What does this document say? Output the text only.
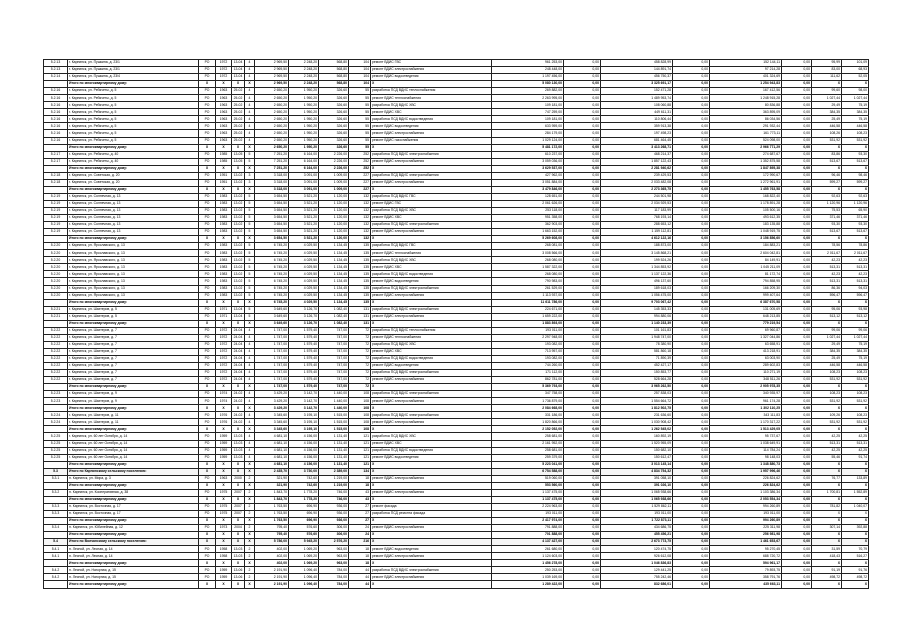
5.2.13	г. Карпинск, ул. Пушкина, д. 23/1	РО	1972	13-04	4	2 969,50	2 248,20	568,80	104	ремонт ВДИС ГВС	961 253,00	0,00	458 828,99	0,00	152 144,11	0,00	95,99	101,09	
5.2.13	г. Карпинск, ул. Пушкина, д. 23/1	РО	1972	13-04	4	2 969,50	2 248,20	568,80	104	ремонт ВДИС электроснабжения	248 448,00	0,00	144 891,74	0,00	97 214,28	0,00	83,00	68,93	
5.2.14	г. Карпинск, ул. Пушкина, д. 23/4	РО	1972	13-04	4	2 969,50	2 248,20	568,80	104	ремонт ВДИС водоотведения	1 197 456,00	0,00	456 750,37	0,00	401 324,69	0,00	111,62	52,05	
	Итого по многоквартирному дому:	X	X	X	X	2 969,50	2 248,20	568,80	104	X	5 080 130,00	0,00	3 325 691,17	0,00	1 254 943,83	0,00	X	X	
5.2.16	г. Карпинск, ул. Ребячеты, д. 5	РО	1963	25-02	4	2 650,20	1 950,20	326,60	55	разработка ПСД ВДИС теплоснабжения	269 882,00	0,00	152 471,28	0,00	167 412,56	0,00	99,60	98,00	
5.2.16	г. Карпинск, ул. Ребячеты, д. 5	РО	1963	25-02	4	2 650,20	1 950,20	326,60	55	ремонт ВДИС теплоснабжения	2 263 995,00	0,00	1 489 953,74	0,00	1 248 915,28	0,00	1 027,44	1 027,44	
5.2.16	г. Карпинск, ул. Ребячеты, д. 5	РО	1963	25-02	4	2 650,20	1 950,20	326,60	55	разработка ПСД ВДИС ХВС	109 181,00	0,00	108 060,88	0,00	80 836,88	0,00	29,49	75,19	
5.2.16	г. Карпинск, ул. Ребячеты, д. 5	РО	1963	25-02	4	2 650,20	1 950,20	326,60	55	ремонт ВДИС ХВС	747 259,00	0,00	449 611,31	0,00	363 895,09	0,00	384,35	384,35	
5.2.16	г. Карпинск, ул. Ребячеты, д. 5	РО	1963	25-02	4	2 650,20	1 950,20	326,60	55	разработка ПСД ВДИС водоотведения	109 181,00	0,00	110 806,44	0,00	86 034,56	0,00	25,49	75,19	
5.2.16	г. Карпинск, ул. Ребячеты, д. 5	РО	1963	25-02	4	2 650,20	1 950,20	326,60	55	ремонт ВДИС водоотведения	633 959,00	0,00	359 913,38	0,00	291 932,44	0,00	446,58	446,58	
5.2.16	г. Карпинск, ул. Ребячеты, д. 5	РО	1963	25-02	4	2 650,20	1 950,20	326,60	55	ремонт ВДИС электроснабжения	284 179,00	0,00	197 498,23	0,00	161 773,11	0,00	108,26	108,23	
5.2.16	г. Карпинск, ул. Ребячеты, д. 5	РО	1963	25-02	4	2 650,20	1 950,20	326,60	55	ремонт ВДИС газоснабжения	1 029 124,00	0,00	681 464,45	0,00	524 098,00	0,00	531,92	531,92	
	Итого по многоквартирному дому:	X	X	X	X	2 650,20	1 950,20	326,60	55	X	5 481 172,00	0,00	3 413 268,71	0,00	2 966 771,29	0,00	X	X	
5.2.17	г. Карпинск, ул. Ребячеты, д. 40	РО	1985	13-05	5	7 251,20	6 164,00	2 226,00	252	разработка ПСД ВДИС электроснабжения	610 237,00	0,00	468 214,37	0,00	274 687,67	0,00	83,86	93,30	
5.2.17	г. Карпинск, ул. Ребячеты, д. 40	РО	1985	13-05	5	7 251,20	6 164,00	2 226,00	252	ремонт ВДИС электроснабжения	3 059 036,00	0,00	1 857 122,43	0,00	1 352 875,58	0,00	513,67	513,67	
	Итого по многоквартирному дому:	X	X	X	X	7 251,20	6 164,00	2 226,00	252	X	3 629 537,00	0,00	2 281 940,62	0,00	1 847 895,38	0,00	X	X	
5.2.18	г. Карпинск, ул. Советская, д. 20	РО	1951	13-02	3	3 318,00	3 091,00	1 009,00	227	разработка ПСД ВДИС электроснабжения	427 962,00	0,00	239 429,53	0,00	172 990,67	0,00	96,46	98,46	
5.2.18	г. Карпинск, ул. Советская, д. 20	РО	1951	13-02	3	3 318,00	3 091,00	1 009,00	227	ремонт ВДИС электроснабжения	3 051 884,00	0,00	2 033 482,08	0,00	1 272 961,91	0,00	599,27	599,27	
	Итого по многоквартирному дому:	X	X	X	X	3 318,00	3 091,00	1 009,00	227	X	3 479 846,00	0,00	2 273 365,75	0,00	1 455 763,58	0,00	X	X	
5.2.19	г. Карпинск, ул. Солнечная, д. 13	РО	1983	13-02	5	3 654,50	3 521,20	1 120,00	132	разработка ПСД ВДИС ГВС	128 651,00	0,00	244 501,98	0,00	168 822,40	0,00	92,63	92,63	
5.2.19	г. Карпинск, ул. Солнечная, д. 13	РО	1983	13-02	5	3 654,50	3 521,20	1 120,00	132	ремонт ВДИС ГВС	2 061 626,00	0,00	2 034 929,53	0,00	1 178 891,28	0,00	1 120,96	1 120,96	
5.2.19	г. Карпинск, ул. Солнечная, д. 13	РО	1983	13-02	5	3 654,50	3 521,20	1 120,00	132	разработка ПСД ВДИС ХВС	253 118,00	0,00	117 183,99	0,00	105 500,16	0,00	75,53	65,90	
5.2.19	г. Карпинск, ул. Солнечная, д. 13	РО	1983	13-02	5	3 654,50	3 521,20	1 120,00	132	ремонт ВДИС ХВС	951 358,00	0,00	768 193,14	0,00	493 612,35	0,00	371,46	371,46	
5.2.19	г. Карпинск, ул. Солнечная, д. 13	РО	1983	13-02	5	3 654,50	3 521,20	1 120,00	132	разработка ПСД ВДИС электроснабжения	362 903,00	0,00	288 653,12	0,00	183 135,88	0,00	93,30	93,30	
5.2.19	г. Карпинск, ул. Солнечная, д. 13	РО	1983	13-02	5	3 654,50	3 521,20	1 120,00	132	ремонт ВДИС электроснабжения	1 663 152,00	0,00	1 159 112,81	0,00	1 048 919,75	0,00	513,67	513,67	
	Итого по многоквартирному дому:	X	X	X	X	3 654,50	3 521,20	1 120,00	132	X	5 269 608,00	0,00	4 612 122,16	0,00	3 156 856,60	0,00	X	X	
5.2.20	г. Карпинск, ул. Ярославского, д. 13	РО	1983	13-02	5	6 745,20	4 029,50	1 134,45	135	разработка ПСД ВДИС ГВС	268 081,00	0,00	188 873,00	0,00	184 883,21	0,00	78,56	78,86	
5.2.20	г. Карпинск, ул. Ярославского, д. 13	РО	1983	13-02	5	6 745,20	4 029,50	1 134,45	135	ремонт ВДИС теплоснабжения	3 008 566,00	0,00	3 145 868,21	0,00	2 604 042,81	0,00	2 011,67	2 011,67	
5.2.20	г. Карпинск, ул. Ярославского, д. 13	РО	1983	13-02	5	6 745,20	4 029,50	1 134,45	135	разработка ПСД ВДИС ХВС	268 080,00	0,00	199 524,26	0,00	84 149,91	0,00	42,23	42,23	
5.2.20	г. Карпинск, ул. Ярославского, д. 13	РО	1983	13-02	5	6 745,20	4 029,50	1 134,45	135	ремонт ВДИС ХВС	1 587 322,00	0,00	1 344 853,92	0,00	1 045 211,09	0,00	513,31	513,31	
5.2.20	г. Карпинск, ул. Ярославского, д. 13	РО	1983	13-02	5	6 745,20	4 029,50	1 134,45	135	разработка ПСД ВДИС водоотведения	268 080,00	0,00	1 137 122,36	0,00	81 172,74	0,00	42,23	42,23	
5.2.20	г. Карпинск, ул. Ярославского, д. 13	РО	1983	13-02	5	6 745,20	4 029,50	1 134,45	135	ремонт ВДИС водоотведения	790 983,00	0,00	496 137,60	0,00	794 858,95	0,00	513,31	513,31	
5.2.20	г. Карпинск, ул. Ярославского, д. 13	РО	1983	13-02	5	6 745,20	4 029,50	1 134,45	135	разработка ПСД ВДИС электроснабжения	261 529,00	0,00	189 618,03	0,00	166 209,30	0,00	86,36	94,03	
5.2.20	г. Карпинск, ул. Ярославского, д. 13	РО	1983	13-02	5	6 745,20	4 029,50	1 134,45	135	ремонт ВДИС электроснабжения	1 113 937,00	0,00	1 056 475,00	0,00	999 407,64	0,00	596,47	596,47	
	Итого по многоквартирному дому:	X	X	X	X	6 745,20	4 029,50	1 134,45	135	X	11 611 786,00	0,00	9 703 067,42	0,00	6 387 670,58	0,00	X	X	
5.2.21	г. Карпинск, ул. Шахтеров, д. 5	РО	1971	13-04	5	3 649,60	3 126,70	1 082,40	131	разработка ПСД ВДИС электроснабжения	224 671,00	0,00	145 353,33	0,00	131 005,69	0,00	95,06	93,98	
5.2.21	г. Карпинск, ул. Шахтеров, д. 5	РО	1971	13-04	5	3 649,60	3 126,70	1 082,40	131	ремонт ВДИС электроснабжения	1 659 222,00	0,00	994 880,06	0,00	648 213,85	0,00	513,12	513,12	
	Итого по многоквартирному дому:	X	X	X	X	3 649,60	3 126,70	1 082,40	131	X	1 883 893,00	0,00	1 140 233,39	0,00	779 219,54	0,00	X	X	
5.2.22	г. Карпинск, ул. Шахтеров, д. 7	РО	1972	24-04	4	1 747,00	1 579,40	747,00	72	разработка ПСД ВДИС теплоснабжения	193 011,00	0,00	101 161,83	0,00	69 960,87	0,00	99,06	99,06	
5.2.22	г. Карпинск, ул. Шахтеров, д. 7	РО	1972	24-04	4	1 747,00	1 579,40	747,00	72	ремонт ВДИС теплоснабжения	2 297 948,00	0,00	1 948 747,00	0,00	1 327 044,86	0,00	1 027,44	1 027,44	
5.2.22	г. Карпинск, ул. Шахтеров, д. 7	РО	1972	24-04	4	1 747,00	1 579,40	747,00	72	разработка ПСД ВДИС ХВС	193 082,00	0,00	78 380,90	0,00	63 658,91	0,00	29,49	75,19	
5.2.22	г. Карпинск, ул. Шахтеров, д. 7	РО	1972	24-04	4	1 747,00	1 579,40	747,00	72	ремонт ВДИС ХВС	713 957,00	0,00	581 860,18	0,00	413 218,91	0,00	384,35	384,35	
5.2.22	г. Карпинск, ул. Шахтеров, д. 7	РО	1972	24-04	4	1 747,00	1 579,40	747,00	72	разработка ПСД ВДИС водоотведения	193 082,00	0,00	71 890,39	0,00	63 003,90	0,00	25,49	75,19	
5.2.22	г. Карпинск, ул. Шахтеров, д. 7	РО	1972	24-04	4	1 747,00	1 579,40	747,00	72	ремонт ВДИС водоотведения	744 260,00	0,00	452 427,17	0,00	289 602,83	0,00	446,58	446,58	
5.2.22	г. Карпинск, ул. Шахтеров, д. 7	РО	1972	24-04	4	1 747,00	1 579,40	747,00	72	разработка ПСД ВДИС электроснабжения	171 112,00	0,00	150 853,77	0,00	110 271,19	0,00	108,23	108,23	
5.2.22	г. Карпинск, ул. Шахтеров, д. 7	РО	1972	24-04	4	1 747,00	1 579,40	747,00	72	ремонт ВДИС электроснабжения	862 781,00	0,00	528 664,28	0,00	348 511,26	0,00	531,92	531,92	
	Итого по многоквартирному дому:	X	X	X	X	1 747,00	1 579,40	747,00	72	X	5 369 793,00	0,00	3 965 262,50	0,00	2 905 978,35	0,00	X	X	
5.2.23	г. Карпинск, ул. Шахтеров, д. 9	РО	1974	24-02	4	3 429,20	3 142,70	1 440,00	108	разработка ПСД ВДИС электроснабжения	347 758,00	0,00	257 838,03	0,00	340 935,97	0,00	108,23	108,23	
5.2.23	г. Карпинск, ул. Шахтеров, д. 9	РО	1974	24-02	4	3 429,20	3 142,70	1 440,00	108	ремонт ВДИС электроснабжения	1 736 879,00	0,00	1 554 664,72	0,00	961 174,28	0,00	531,92	531,92	
	Итого по многоквартирному дому:	X	X	X	X	3 429,20	3 142,70	1 440,00	108	X	2 084 668,00	0,00	1 812 502,75	0,00	1 302 110,25	0,00	X	X	
5.2.24	г. Карпинск, ул. Шахтеров, д. 11	РО	1976	24-02	4	3 345,60	3 195,10	1 515,00	108	разработка ПСД ВДИС электроснабжения	331 186,00	0,00	231 636,60	0,00	343 111,83	0,00	109,26	108,23	
5.2.24	г. Карпинск, ул. Шахтеров, д. 11	РО	1976	24-02	4	3 345,60	3 195,10	1 515,00	108	ремонт ВДИС электроснабжения	1 820 866,00	0,00	1 030 908,42	0,00	1 170 317,22	0,00	531,92	531,92	
	Итого по многоквартирному дому:	X	X	X	X	3 345,60	3 195,10	1 515,00	108	X	2 152 052,00	0,00	1 262 545,02	0,00	1 513 429,05	0,00	X	X	
5.2.25	г. Карпинск, ул. 60 лет Октября, д. 14	РО	1959	13-03	4	4 681,10	4 156,00	1 131,40	121	разработка ПСД ВДИС ХВС	258 681,00	0,00	160 892,19	0,00	95 737,67	0,00	42,25	42,25	
5.2.25	г. Карпинск, ул. 60 лет Октября, д. 14	РО	1959	13-03	4	4 681,10	4 156,00	1 131,40	121	ремонт ВДИС ХВС	2 161 952,00	0,00	1 520 955,09	0,00	1 038 649,91	0,00	513,31	513,31	
5.2.25	г. Карпинск, ул. 60 лет Октября, д. 14	РО	1959	13-03	4	4 681,10	4 156,00	1 131,40	121	разработка ПСД ВДИС водоотведения	258 681,00	0,00	150 682,10	0,00	114 784,24	0,00	42,25	42,25	
5.2.25	г. Карпинск, ул. 60 лет Октября, д. 14	РО	1959	13-03	4	4 681,10	4 156,00	1 131,40	121	ремонт ВДИС водоотведения	259 379,00	0,00	150 612,47	0,00	98 148,03	0,00	55,46	91,74	
	Итого по многоквартирному дому:	X	X	X	X	4 681,10	4 156,00	1 131,40	121	X	5 223 041,00	0,00	3 013 145,14	0,00	1 348 880,73	0,00	X	X	
5.3	Итого по Карпинскому сельскому поселению:	X	X	X	X	2 435,70	3 730,00	2 389,00	134	X	6 754 588,00	0,00	4 834 754,32	0,00	1 957 996,46	0,00	X	X	
5.3.1	п. Карпинск, ул. Мира, д. 3	РО	1963	2000	2	321,90	742,60	1 219,00	18	ремонт ВДИС электроснабжения	519 060,00	0,00	391 058,10	0,00	226 824,62	0,00	76,77	133,89	
	Итого по многоквартирному дому:	X	X	X	X	321,90	742,60	1 219,00	18	X	553 560,00	0,00	391 026,10	0,00	226 824,62	0,00	X	X	
5.3.2	п. Карпинск, ул. Кооперативная, д. 38	РО	1975	2007	2	1 843,70	1 778,20	746,00	43	ремонт ВДИС электроснабжения	1 137 475,00	0,00	1 065 938,66	0,00	1 103 386,34	0,00	1 700,81	1 552,89	
	Итого по многоквартирному дому:	X	X	X	X	1 843,70	1 778,20	746,00	43	X	1 137 475,00	0,00	1 065 938,66	0,00	2 053 554,34	0,00	X	X	
5.3.3	п. Карпинск, ул. Восточная, д. 17	РО	1975	2007	2	1 763,50	696,90	936,00	27	ремонт фасада	2 224 963,00	0,00	1 529 862,11	0,00	994 260,89	0,00	781,82	1 040,07	
5.3.3	п. Карпинск, ул. Восточная, д. 17	РО	1975	2007	2	1 763,50	696,90	936,00	27	разработка ПСД ремонта фасада	193 011,00	0,00	193 011,00	0,00	193 011,00	0,00	X	X	
	Итого по многоквартирному дому:	X	X	X	X	1 763,50	696,90	936,00	27	X	2 417 974,00	0,00	1 722 873,11	0,00	994 260,89	0,00	X	X	
5.3.4	п. Карпинск, ул. Юбилейная, д. 12	РО	1973	2004	2	795,40	576,60	306,00	24	ремонт ВДИС электроснабжения	791 888,00	0,00	434 686,75	0,00	225 311,98	0,00	307,14	392,88	
	Итого по многоквартирному дому:	X	X	X	X	795,40	576,60	306,00	24	X	701 888,00	0,00	455 456,21	0,00	256 981,98	0,00	X	X	
5.4	Итого по Волчанскому сельскому поселению:	X	X	X	X	5 786,00	5 945,20	2 576,20	216	X	4 137 427,00	0,00	2 673 773,75	0,00	1 461 653,67	0,00	X	X	
5.4.1	п. Лесной, ул. Лесная, д. 14	РО	1958	13-03	2	402,00	1 069,20	963,00	18	ремонт ВДИС водоотведения	261 680,00	0,00	120 474,75	0,00	95 270,45	0,00	31,59	70,79	
5.4.1	п. Лесной, ул. Лесная, д. 14	РО	1958	13-03	2	402,00	1 069,20	963,00	18	ремонт ВДИС электроснабжения	1 124 603,00	0,00	926 612,08	0,00	688 720,72	0,00	418,43	516,27	
	Итого по многоквартирному дому:	X	X	X	X	402,00	1 069,20	963,00	18	X	1 456 278,00	0,00	1 046 836,83	0,00	594 961,17	0,00	X	X	
5.4.2	п. Лесной, ул. Нагорная, д. 15	РО	1959	13-06	2	2 191,90	1 096,40	784,00	44	разработка ПСД ВДИС электроснабжения	250 253,00	0,00	129 441,25	0,00	79 893,75	0,00	91,19	91,76	
5.4.2	п. Лесной, ул. Нагорная, д. 15	РО	1959	13-06	2	2 191,90	1 096,40	784,00	44	ремонт ВДИС электроснабжения	1 039 169,00	0,00	755 242,46	0,00	358 791,76	0,00	498,72	498,72	
	Итого по многоквартирному дому:	X	X	X	X	2 191,90	1 096,40	784,00	44	X	1 289 422,00	0,00	832 686,01	0,00	435 663,11	0,00	X	X	
